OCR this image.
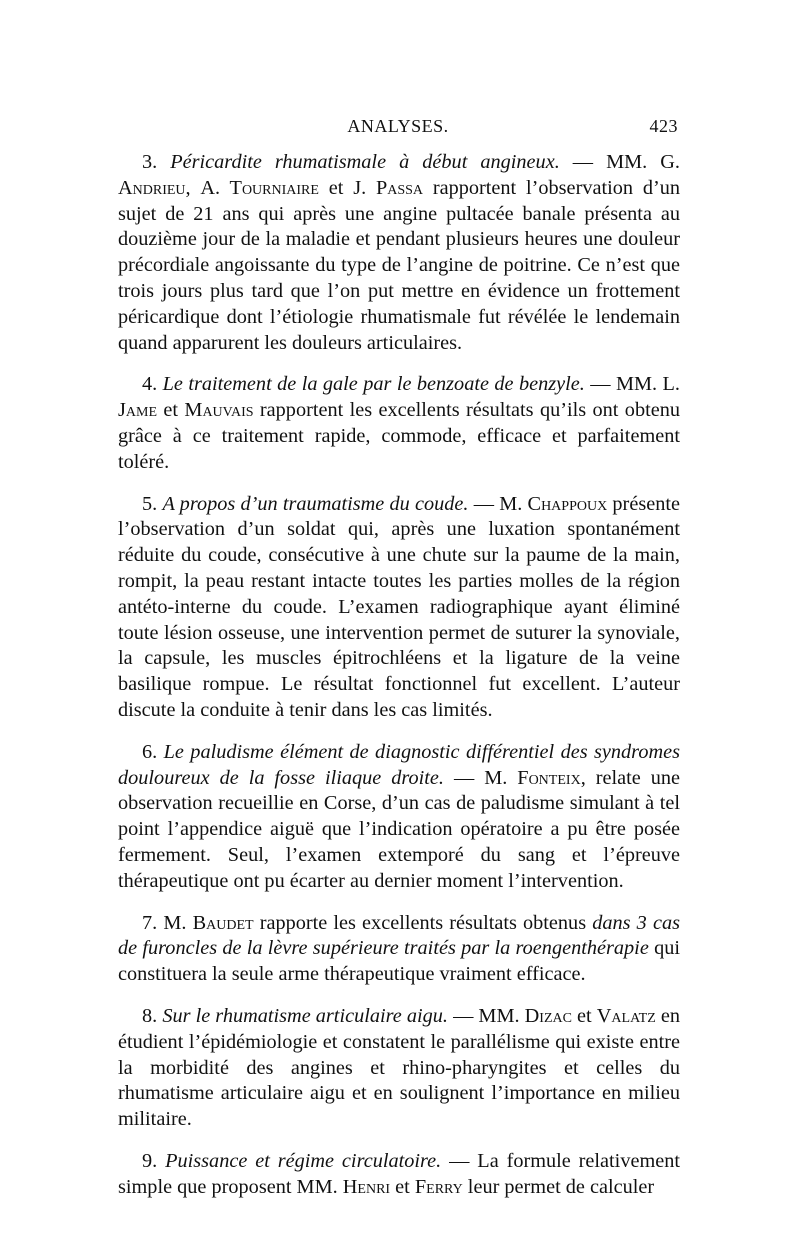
ANALYSES.	423

3. Péricardite rhumatismale à début angineux. — MM. G. Andrieu, A. Tourniaire et J. Passa rapportent l’observation d’un sujet de 21 ans qui après une angine pultacée banale présenta au douzième jour de la maladie et pendant plusieurs heures une douleur précordiale angoissante du type de l’angine de poitrine. Ce n’est que trois jours plus tard que l’on put mettre en évidence un frottement péricardique dont l’étiologie rhumatismale fut révélée le lendemain quand apparurent les douleurs articulaires.

4. Le traitement de la gale par le benzoate de benzyle. — MM. L. Jame et Mauvais rapportent les excellents résultats qu’ils ont obtenu grâce à ce traitement rapide, commode, efficace et parfaitement toléré.

5. A propos d’un traumatisme du coude. — M. Chappoux présente l’observation d’un soldat qui, après une luxation spontanément réduite du coude, consécutive à une chute sur la paume de la main, rompit, la peau restant intacte toutes les parties molles de la région antéto-interne du coude. L’examen radiographique ayant éliminé toute lésion osseuse, une intervention permet de suturer la synoviale, la capsule, les muscles épitrochléens et la ligature de la veine basilique rompue. Le résultat fonctionnel fut excellent. L’auteur discute la conduite à tenir dans les cas limités.

6. Le paludisme élément de diagnostic différentiel des syndromes douloureux de la fosse iliaque droite. — M. Fonteix, relate une observation recueillie en Corse, d’un cas de paludisme simulant à tel point l’appendice aiguë que l’indication opératoire a pu être posée fermement. Seul, l’examen extemporé du sang et l’épreuve thérapeutique ont pu écarter au dernier moment l’intervention.

7. M. Baudet rapporte les excellents résultats obtenus dans 3 cas de furoncles de la lèvre supérieure traités par la roengenthérapie qui constituera la seule arme thérapeutique vraiment efficace.

8. Sur le rhumatisme articulaire aigu. — MM. Dizac et Valatz en étudient l’épidémiologie et constatent le parallélisme qui existe entre la morbidité des angines et rhino-pharyngites et celles du rhumatisme articulaire aigu et en soulignent l’importance en milieu militaire.

9. Puissance et régime circulatoire. — La formule relativement simple que proposent MM. Henri et Ferry leur permet de calculer
